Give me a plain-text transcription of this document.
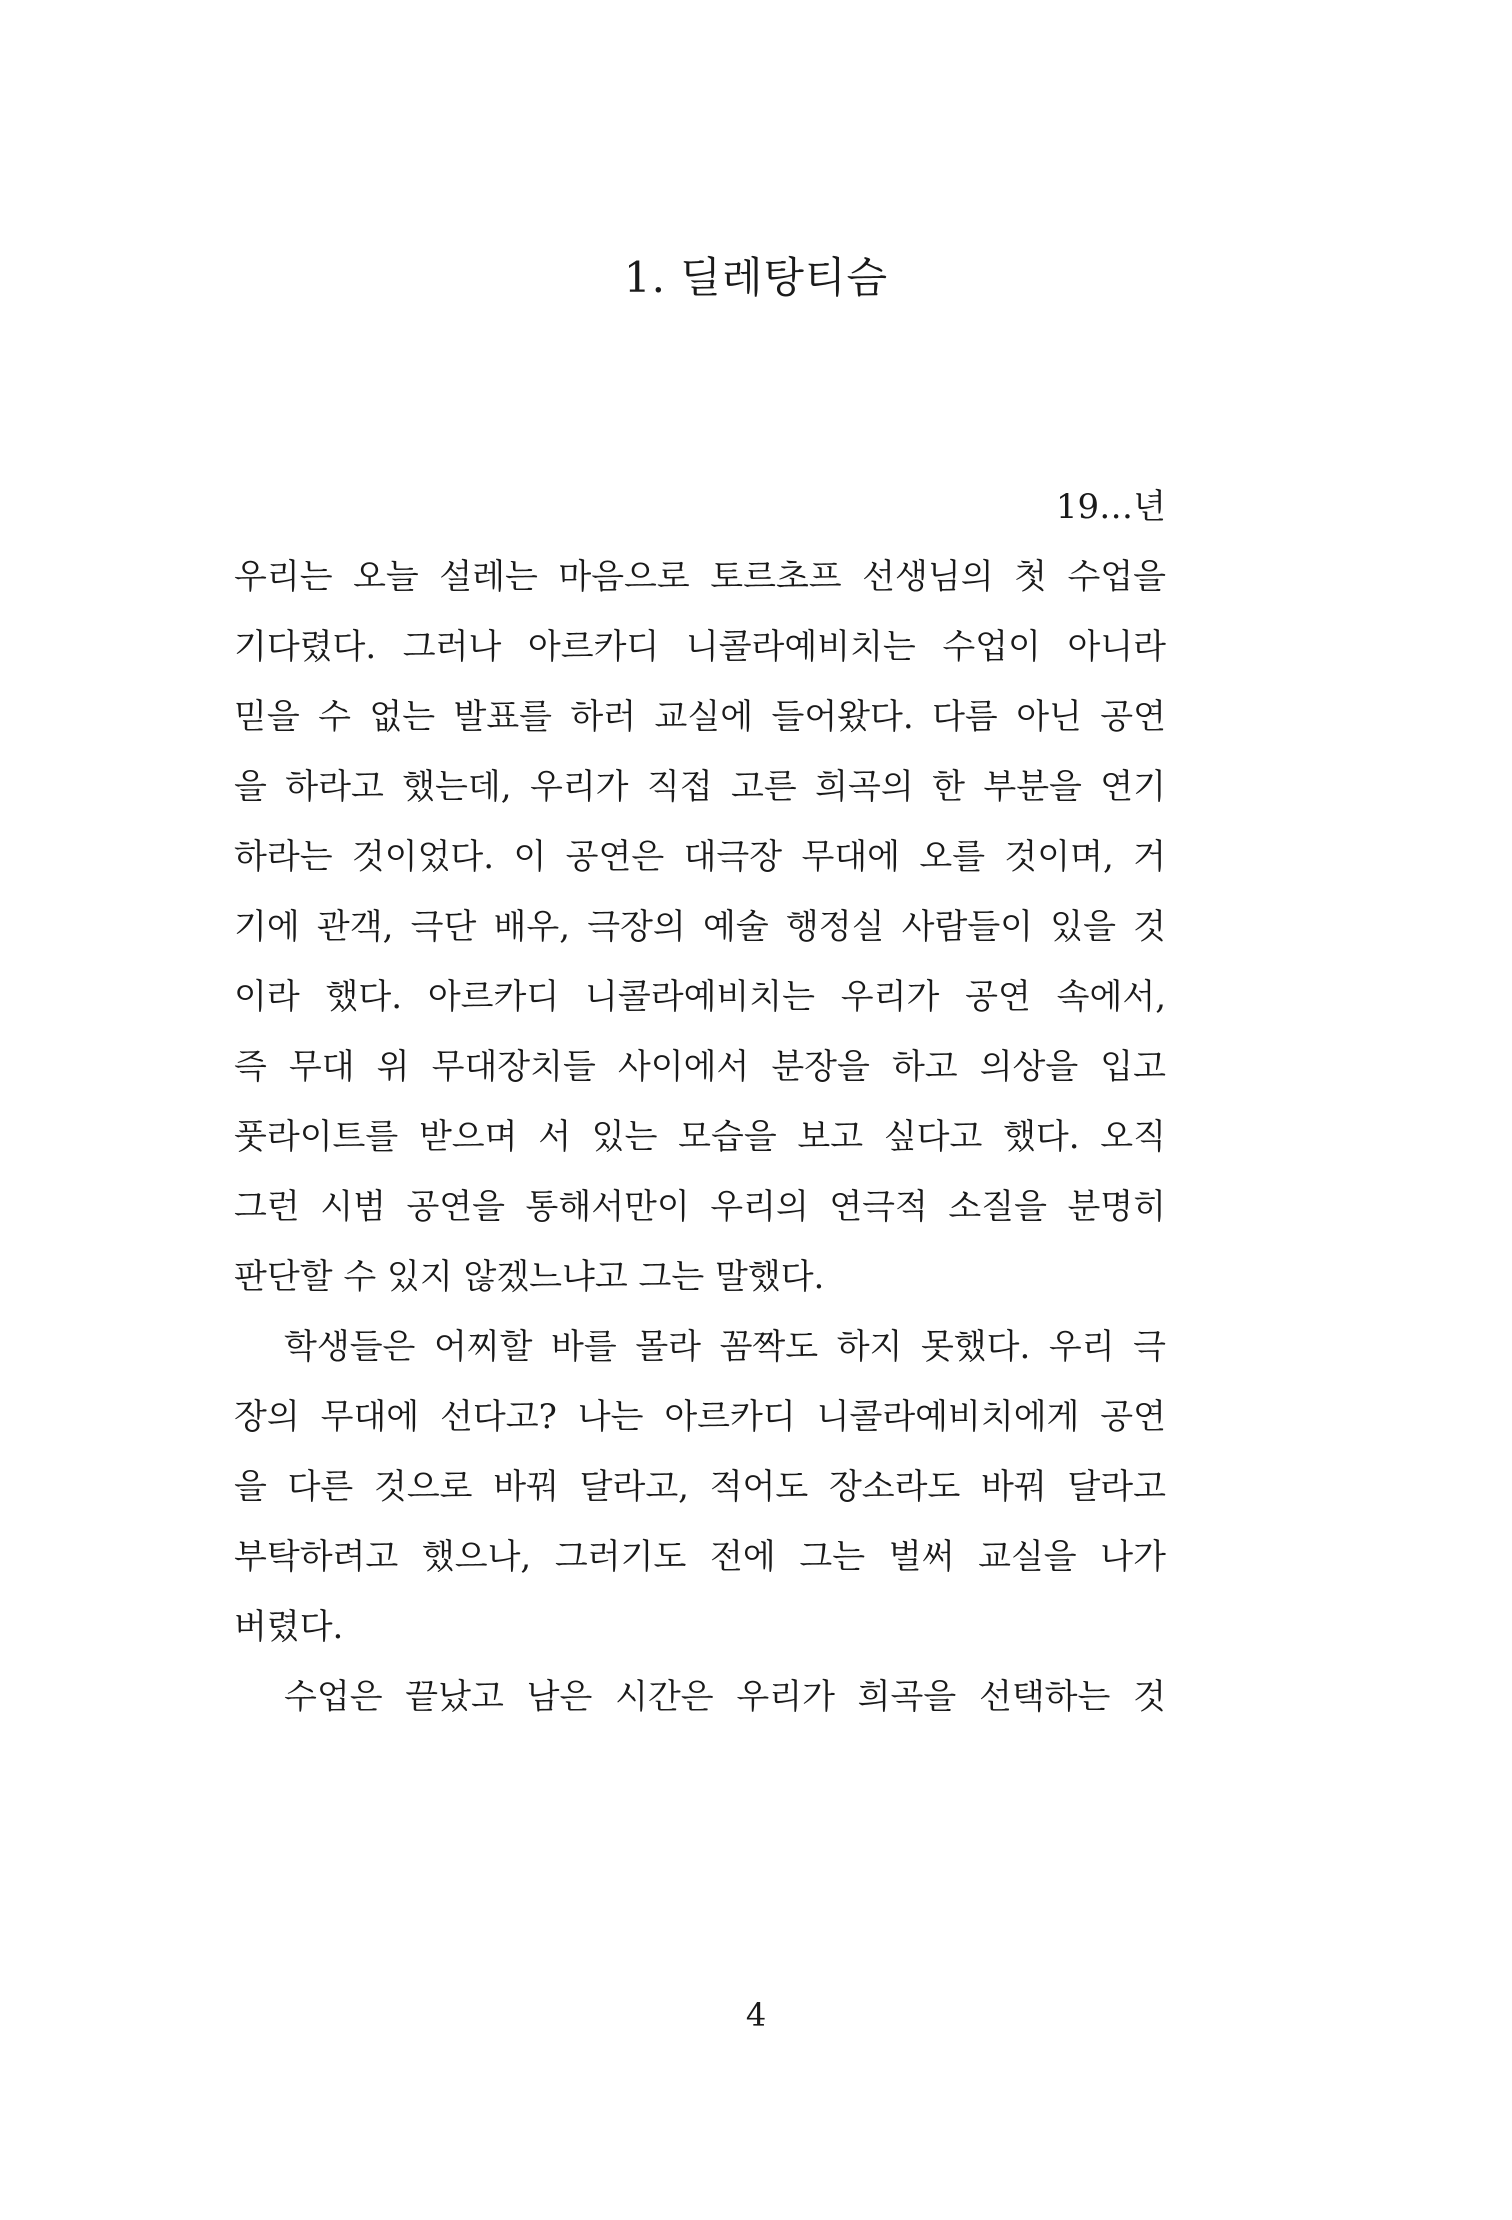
1. 딜레탕티슴

19…년

우리는 오늘 설레는 마음으로 토르초프 선생님의 첫 수업을
기다렸다. 그러나 아르카디 니콜라예비치는 수업이 아니라
믿을 수 없는 발표를 하러 교실에 들어왔다. 다름 아닌 공연
을 하라고 했는데, 우리가 직접 고른 희곡의 한 부분을 연기
하라는 것이었다. 이 공연은 대극장 무대에 오를 것이며, 거
기에 관객, 극단 배우, 극장의 예술 행정실 사람들이 있을 것
이라 했다. 아르카디 니콜라예비치는 우리가 공연 속에서,
즉 무대 위 무대장치들 사이에서 분장을 하고 의상을 입고
풋라이트를 받으며 서 있는 모습을 보고 싶다고 했다. 오직
그런 시범 공연을 통해서만이 우리의 연극적 소질을 분명히
판단할 수 있지 않겠느냐고 그는 말했다.
학생들은 어찌할 바를 몰라 꼼짝도 하지 못했다. 우리 극
장의 무대에 선다고? 나는 아르카디 니콜라예비치에게 공연
을 다른 것으로 바꿔 달라고, 적어도 장소라도 바꿔 달라고
부탁하려고 했으나, 그러기도 전에 그는 벌써 교실을 나가
버렸다.
수업은 끝났고 남은 시간은 우리가 희곡을 선택하는 것
4
